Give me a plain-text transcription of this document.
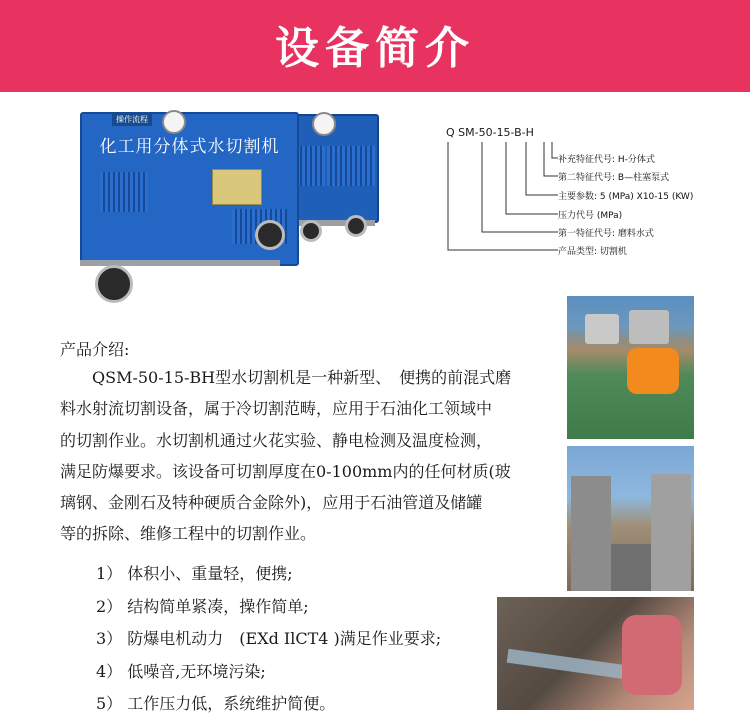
设备简介
操作流程
化工用分体式水切割机
Q SM-50-15-B-H
补充特征代号: H-分体式
第二特征代号: B—柱塞泵式
主要参数: 5 (MPa) X10-15 (KW)
压力代号 (MPa)
第一特征代号: 磨料水式
产品类型: 切割机
产品介绍:
QSM-50-15-BH型水切割机是一种新型、　便携的前混式磨
料水射流切割设备，属于冷切割范畴，应用于石油化工领域中
的切割作业。水切割机通过火花实验、静电检测及温度检测，
满足防爆要求。该设备可切割厚度在0-100mm内的任何材质(玻
璃钢、金刚石及特种硬质合金除外)，应用于石油管道及储罐
等的拆除、维修工程中的切割作业。
1） 体积小、重量轻，便携;
2） 结构简单紧凑，操作简单;
3） 防爆电机动力　(EXd IlCT4 )满足作业要求;
4） 低噪音,无环境污染;
5） 工作压力低，系统维护简便。
